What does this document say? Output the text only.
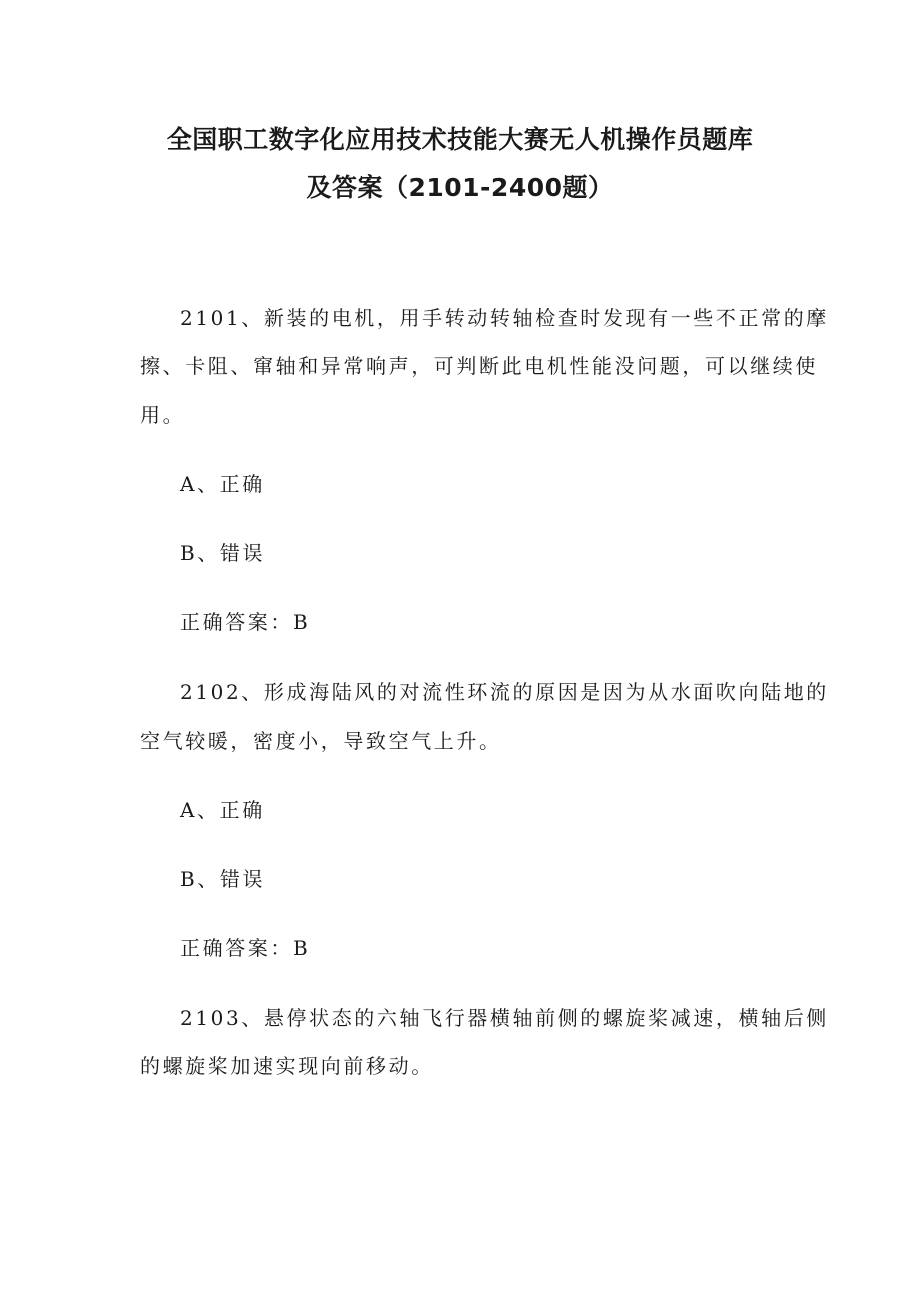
全国职工数字化应用技术技能大赛无人机操作员题库
及答案（2101-2400题）
2101、新装的电机，用手转动转轴检查时发现有一些不正常的摩
擦、卡阻、窜轴和异常响声，可判断此电机性能没问题，可以继续使
用。
A、正确
B、错误
正确答案：B
2102、形成海陆风的对流性环流的原因是因为从水面吹向陆地的
空气较暖，密度小，导致空气上升。
A、正确
B、错误
正确答案：B
2103、悬停状态的六轴飞行器横轴前侧的螺旋桨减速，横轴后侧
的螺旋桨加速实现向前移动。
